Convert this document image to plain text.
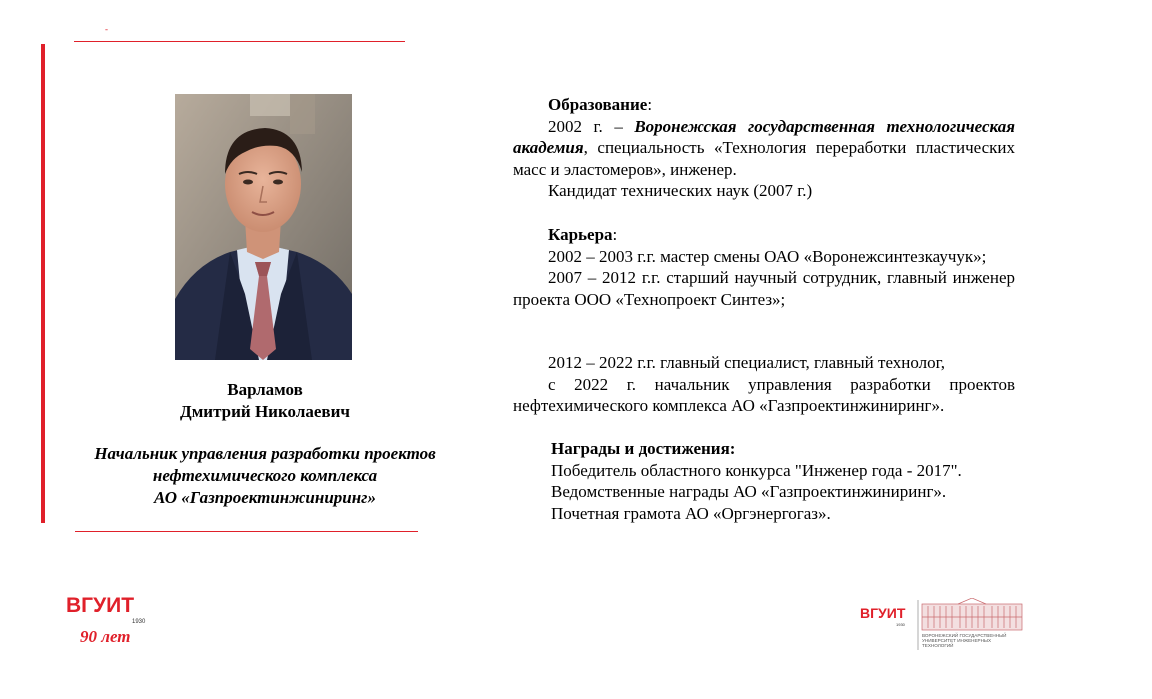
-
Варламов
Дмитрий Николаевич
Начальник управления разработки проектов
нефтехимического комплекса
АО «Газпроектинжиниринг»

Образование:

2002 г. – Воронежская государственная технологическая академия, специальность «Технология переработки пластических масс и эластомеров», инженер.

Кандидат технических наук (2007 г.)

Карьера:

2002 – 2003 г.г. мастер смены ОАО «Воронежсинтезкаучук»;

2007 – 2012 г.г. старший научный сотрудник, главный инженер проекта ООО «Технопроект Синтез»;

2012 – 2022 г.г. главный специалист, главный технолог,

с 2022 г. начальник управления разработки проектов нефтехимического комплекса АО «Газпроектинжиниринг».

Награды и достижения:

Победитель областного конкурса "Инженер года - 2017".

Ведомственные награды АО «Газпроектинжиниринг».

Почетная грамота АО «Оргэнергогаз».

ВГУИТ
1930
90 лет
ВГУИТ
1930
ВОРОНЕЖСКИЙ ГОСУДАРСТВЕННЫЙ
УНИВЕРСИТЕТ ИНЖЕНЕРНЫХ
ТЕХНОЛОГИЙ
